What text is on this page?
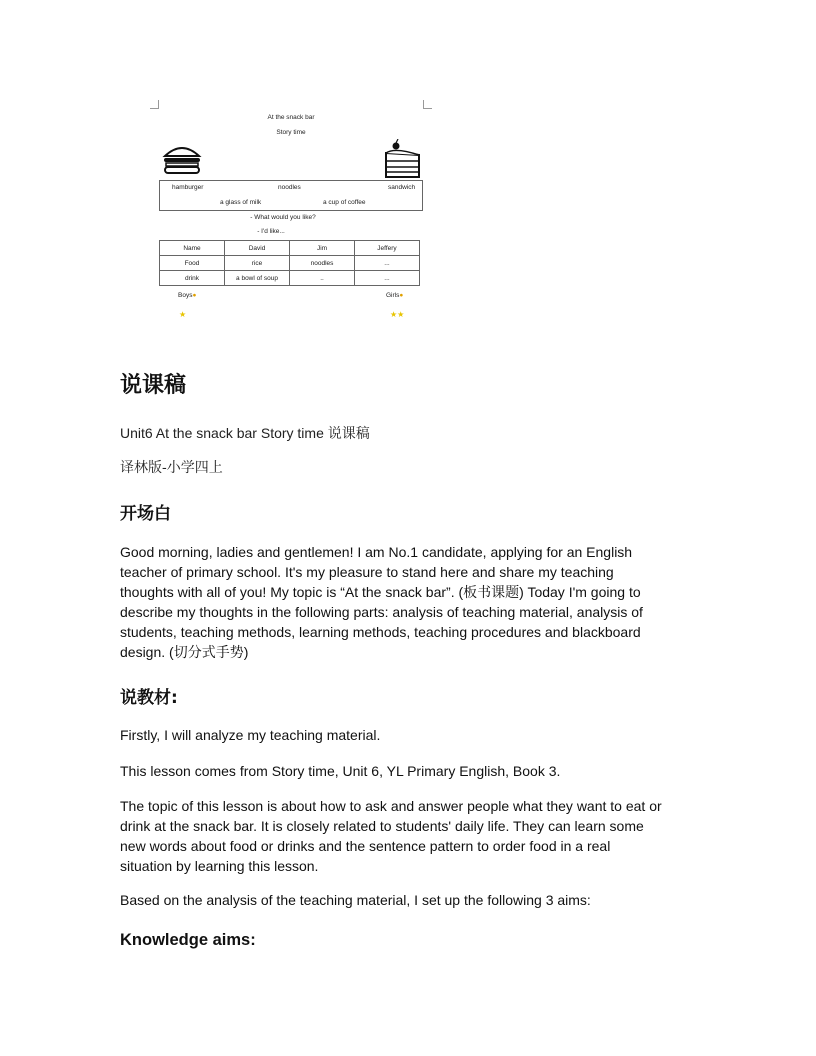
At the snack bar
Story time
hamburger	noodles	sandwich
a glass of milk	a cup of coffee
- What would you like?
- I'd like...
Name	David	Jim	Jeffery
Food	rice	noodles	...
drink	a bowl of soup	..	...
Boys●	Girls●
★	★★
说课稿

Unit6 At the snack bar Story time 说课稿

译林版-小学四上

开场白
Good morning, ladies and gentlemen! I am No.1 candidate, applying for an English
teacher of primary school. It's my pleasure to stand here and share my teaching
thoughts with all of you! My topic is “At the snack bar”. (板书课题) Today I'm going to
describe my thoughts in the following parts: analysis of teaching material, analysis of
students, teaching methods, learning methods, teaching procedures and blackboard
design. (切分式手势)
说教材:

Firstly, I will analyze my teaching material.

This lesson comes from Story time, Unit 6, YL Primary English, Book 3.

The topic of this lesson is about how to ask and answer people what they want to eat or
drink at the snack bar. It is closely related to students' daily life. They can learn some
new words about food or drinks and the sentence pattern to order food in a real
situation by learning this lesson.

Based on the analysis of the teaching material, I set up the following 3 aims:

Knowledge aims:
